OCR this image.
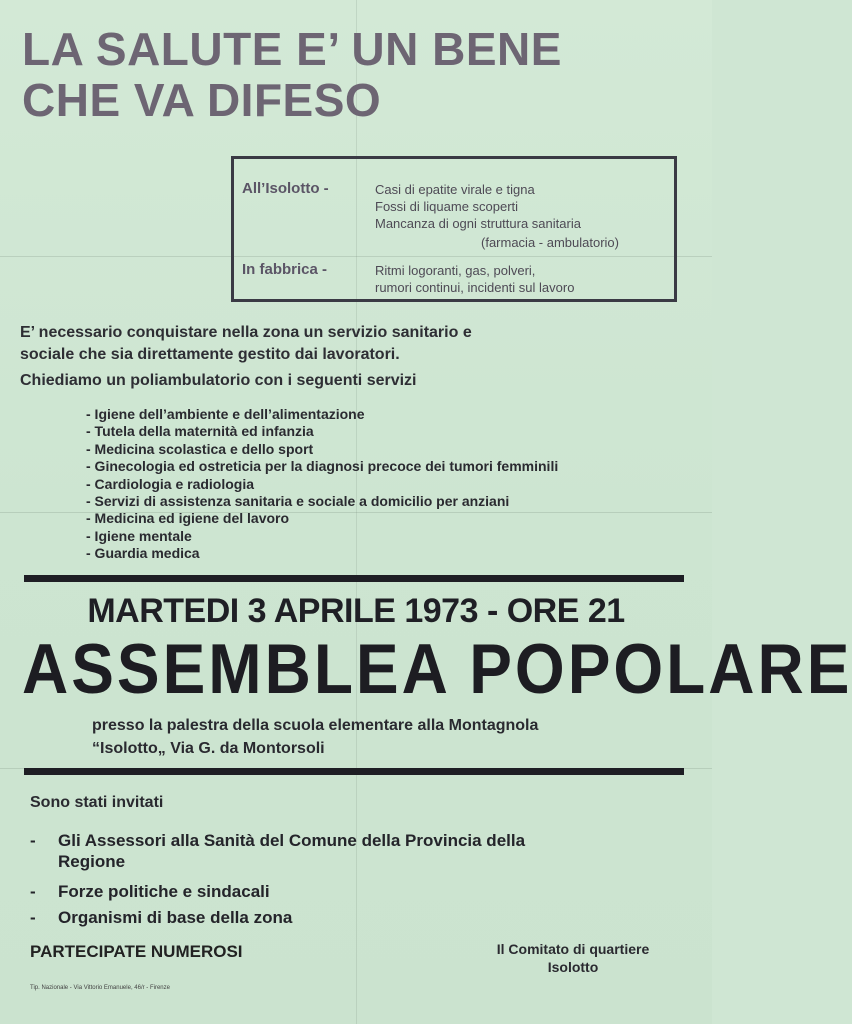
LA SALUTE E’ UN BENE
CHE VA DIFESO
All’Isolotto -	Casi di epatite virale e tigna
Fossi di liquame scoperti
Mancanza di ogni struttura sanitaria
(farmacia - ambulatorio)
In fabbrica -	Ritmi logoranti, gas, polveri,
rumori continui, incidenti sul lavoro

E’ necessario conquistare nella zona un servizio sanitario e

sociale che sia direttamente gestito dai lavoratori.

Chiediamo un poliambulatorio con i seguenti servizi
- Igiene dell’ambiente e dell’alimentazione
- Tutela della maternità ed infanzia
- Medicina scolastica e dello sport
- Ginecologia ed ostreticia per la diagnosi precoce dei tumori femminili
- Cardiologia e radiologia
- Servizi di assistenza sanitaria e sociale a domicilio per anziani
- Medicina ed igiene del lavoro
- Igiene mentale
- Guardia medica
MARTEDI 3 APRILE 1973 - ORE 21
ASSEMBLEA POPOLARE
presso la palestra della scuola elementare alla Montagnola
“Isolotto„ Via G. da Montorsoli
Sono stati invitati
- Gli Assessori alla Sanità del Comune della Provincia della
Regione
- Forze politiche e sindacali
- Organismi di base della zona
PARTECIPATE NUMEROSI	Il Comitato di quartiere
Isolotto
Tip. Nazionale - Via Vittorio Emanuele, 46/r - Firenze
